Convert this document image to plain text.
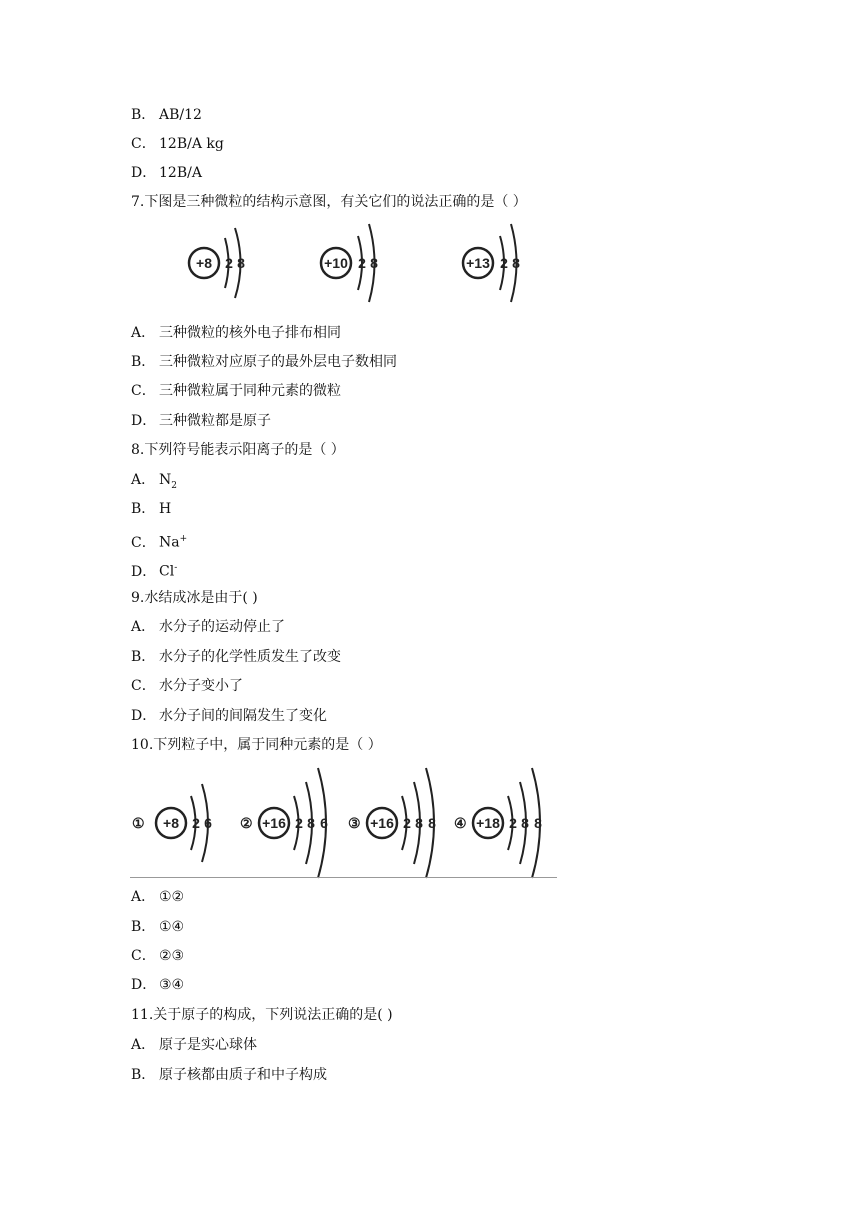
B． AB/12
C． 12B/A kg
D． 12B/A
7.下图是三种微粒的结构示意图，有关它们的说法正确的是（ ）
+8 2 8	+10 2 8	+13 2 8
A． 三种微粒的核外电子排布相同
B． 三种微粒对应原子的最外层电子数相同
C． 三种微粒属于同种元素的微粒
D． 三种微粒都是原子
8.下列符号能表示阳离子的是（ ）
A． $N_2$
B． H
C． Na+
D． Cl-
9.水结成冰是由于( )
A． 水分子的运动停止了
B． 水分子的化学性质发生了改变
C． 水分子变小了
D． 水分子间的间隔发生了变化
10.下列粒子中，属于同种元素的是（ ）
① +8 2 6 ② +16 2 8 6 ③ +16 2 8 8 ④ +18 2 8 8
A． ①②
B． ①④
C． ②③
D． ③④
11.关于原子的构成，下列说法正确的是( )
A． 原子是实心球体
B． 原子核都由质子和中子构成
